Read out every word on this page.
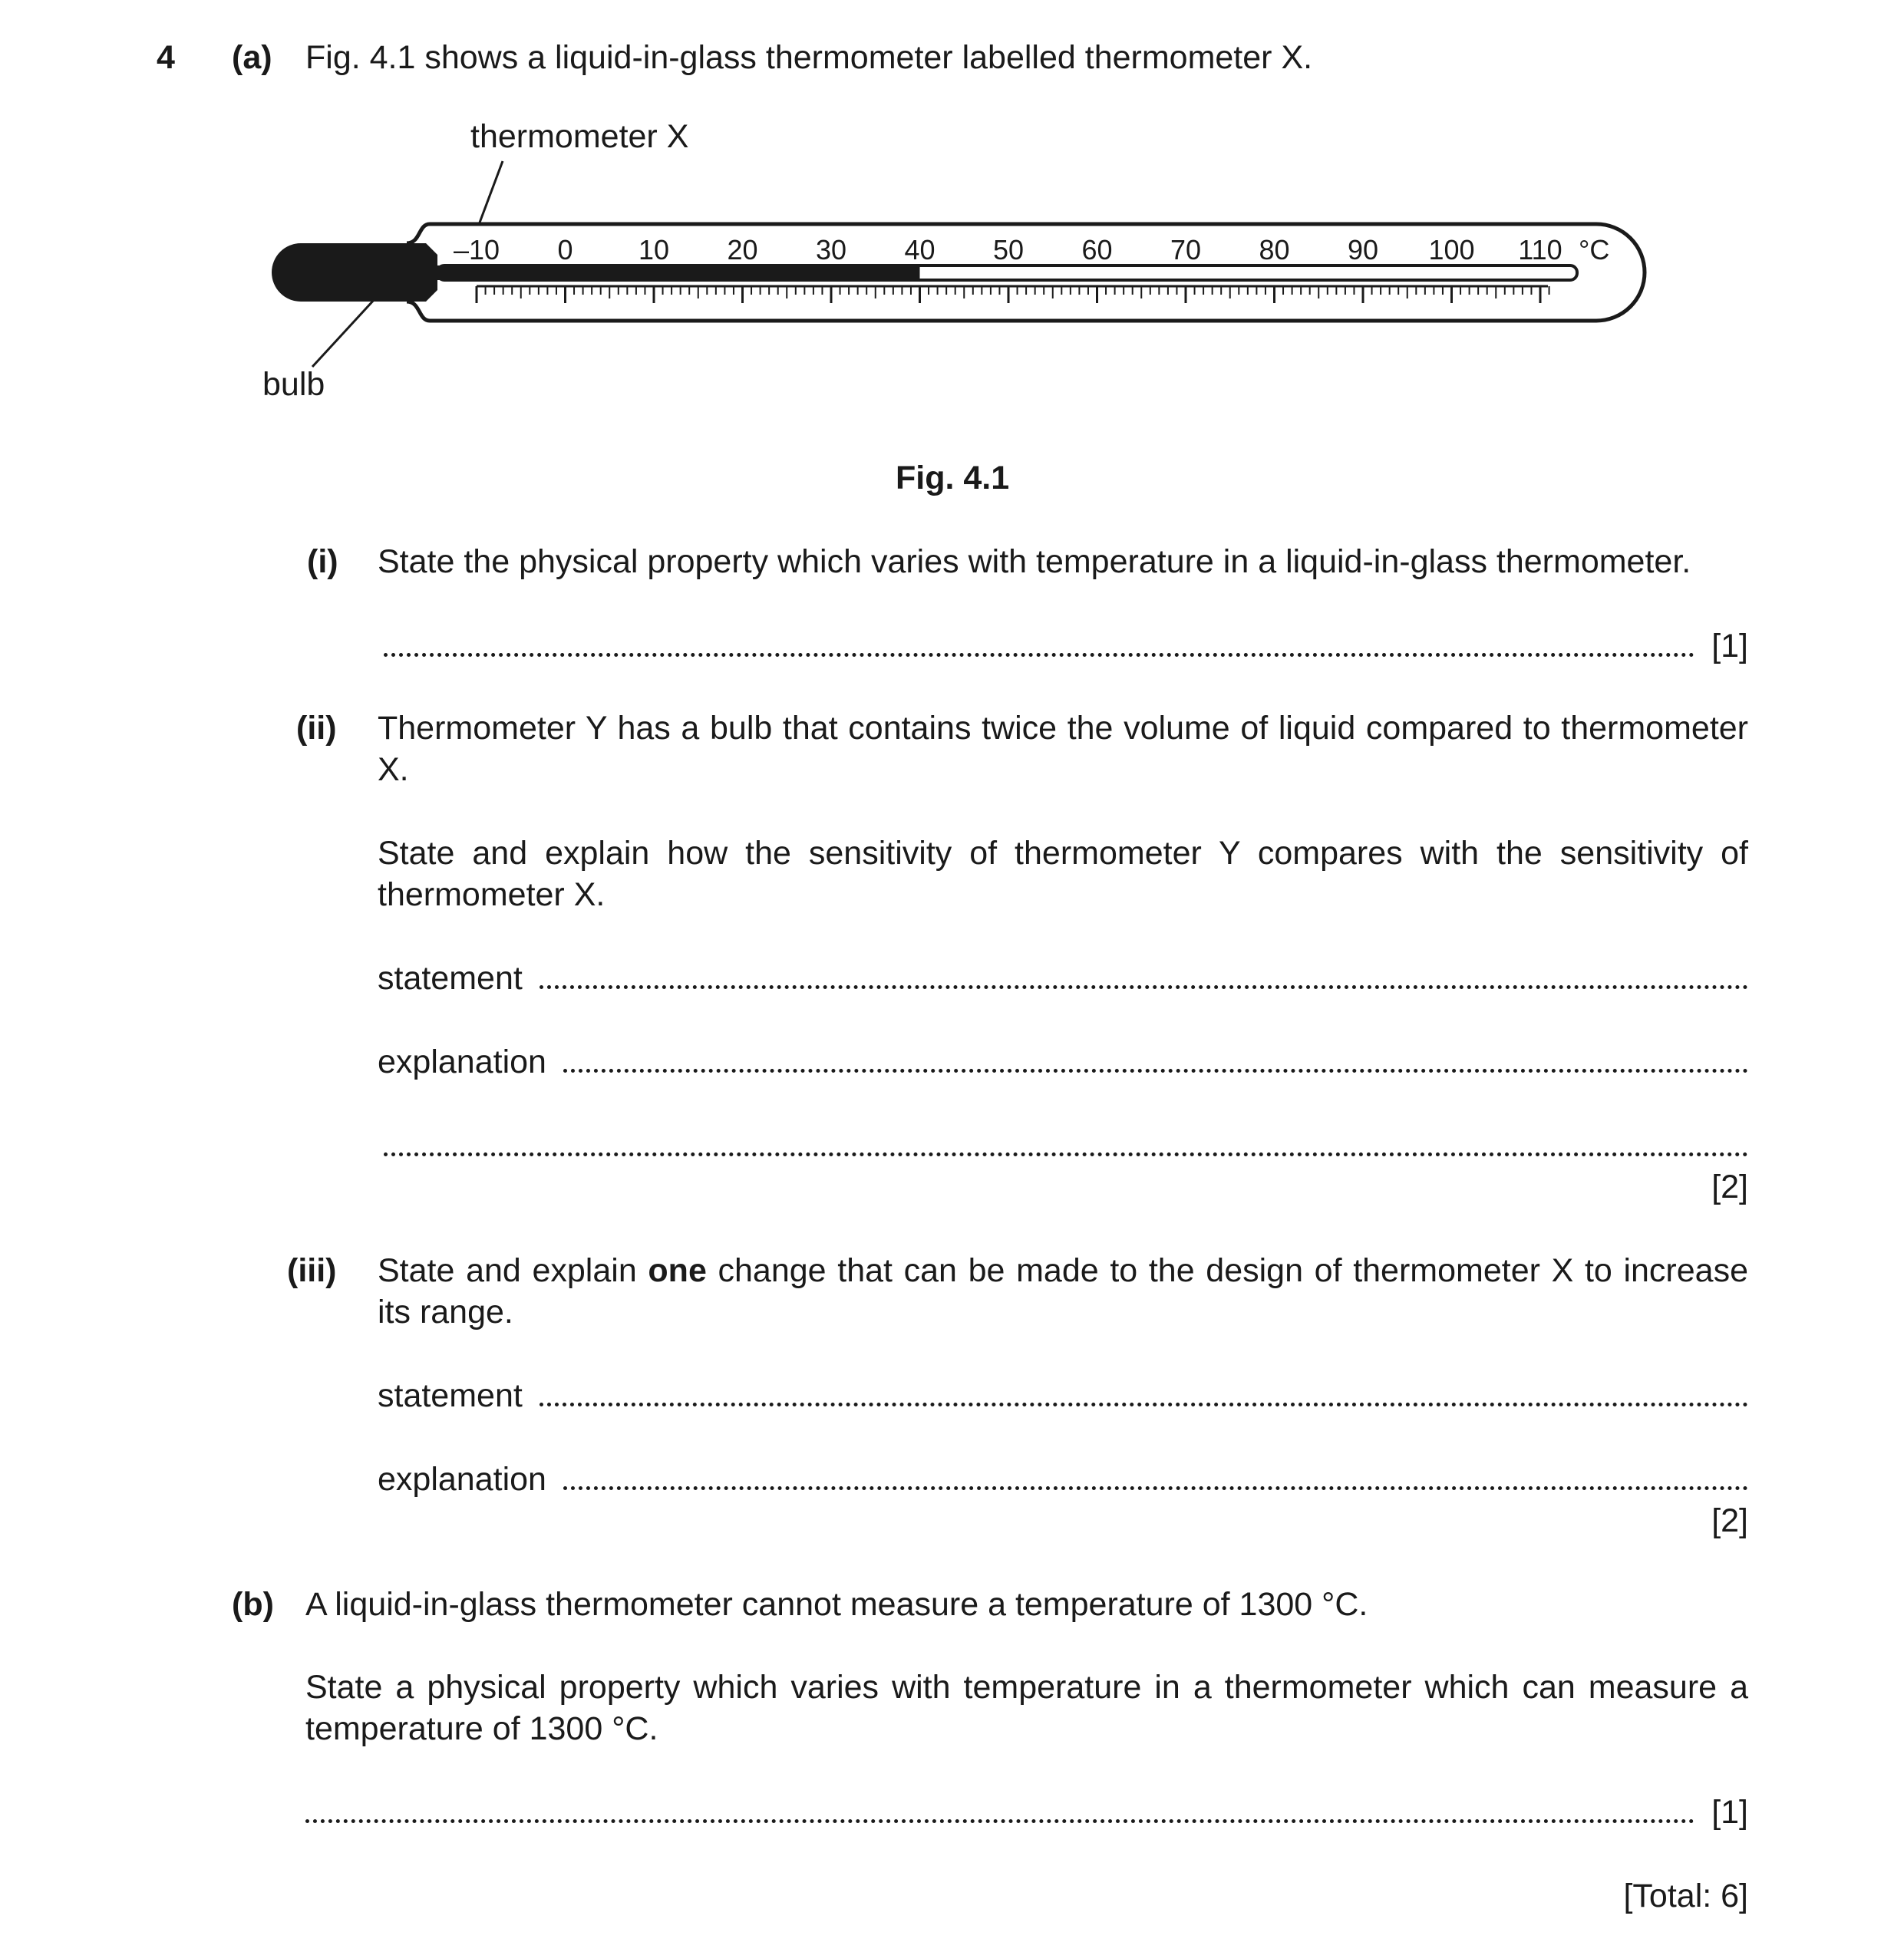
4 (a) Fig. 4.1 shows a liquid-in-glass thermometer labelled thermometer X.
–10 0 10 20 30 40 50 60 70 80 90 100 110 °C
thermometer X
bulb
Fig. 4.1
(i) State the physical property which varies with temperature in a liquid-in-glass thermometer.
[1]
(ii) Thermometer Y has a bulb that contains twice the volume of liquid compared to thermometer X.
State and explain how the sensitivity of thermometer Y compares with the sensitivity of thermometer X.
statement
explanation
[2]
(iii) State and explain one change that can be made to the design of thermometer X to increase its range.
statement
explanation
[2]
(b) A liquid-in-glass thermometer cannot measure a temperature of 1300 °C.
State a physical property which varies with temperature in a thermometer which can measure a temperature of 1300 °C.
[1]
[Total: 6]
